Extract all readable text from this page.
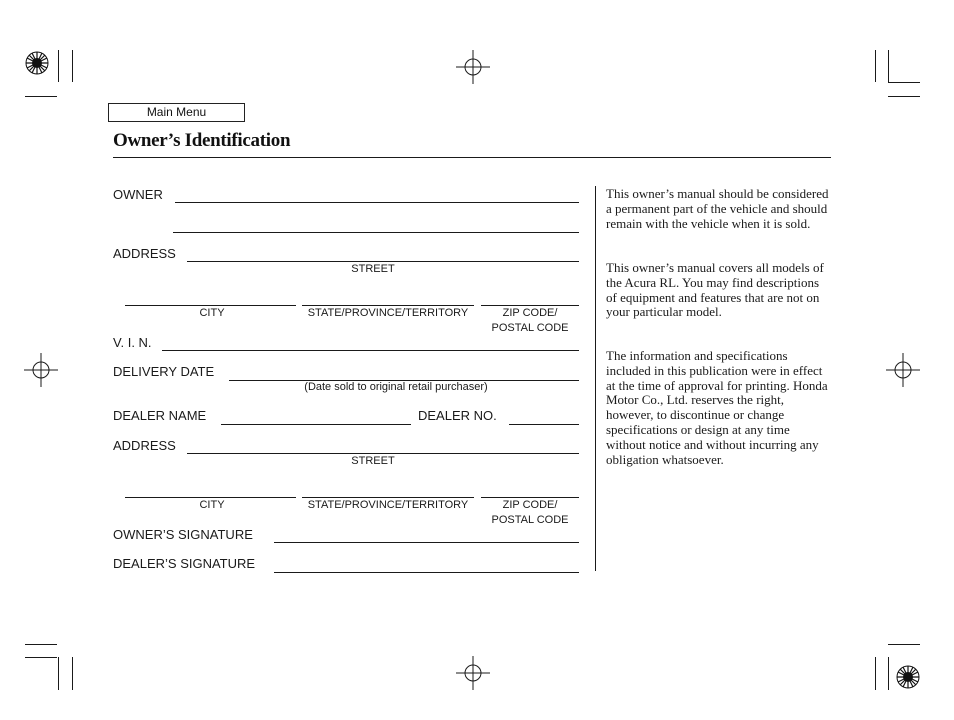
Main Menu
Owner’s Identification
OWNER
ADDRESS
STREET
CITY	STATE/PROVINCE/TERRITORY	ZIP CODE/
POSTAL CODE
V. I. N.
DELIVERY DATE
(Date sold to original retail purchaser)
DEALER NAME	DEALER NO.
ADDRESS
STREET
CITY	STATE/PROVINCE/TERRITORY	ZIP CODE/
POSTAL CODE
OWNER’S SIGNATURE
DEALER’S SIGNATURE

This owner’s manual should be considered a permanent part of the vehicle and should remain with the vehicle when it is sold.

This owner’s manual covers all models of the Acura RL. You may find descriptions of equipment and features that are not on your particular model.

The information and specifications included in this publication were in effect at the time of approval for printing. Honda Motor Co., Ltd. reserves the right, however, to discontinue or change specifications or design at any time without notice and without incurring any obligation whatsoever.
